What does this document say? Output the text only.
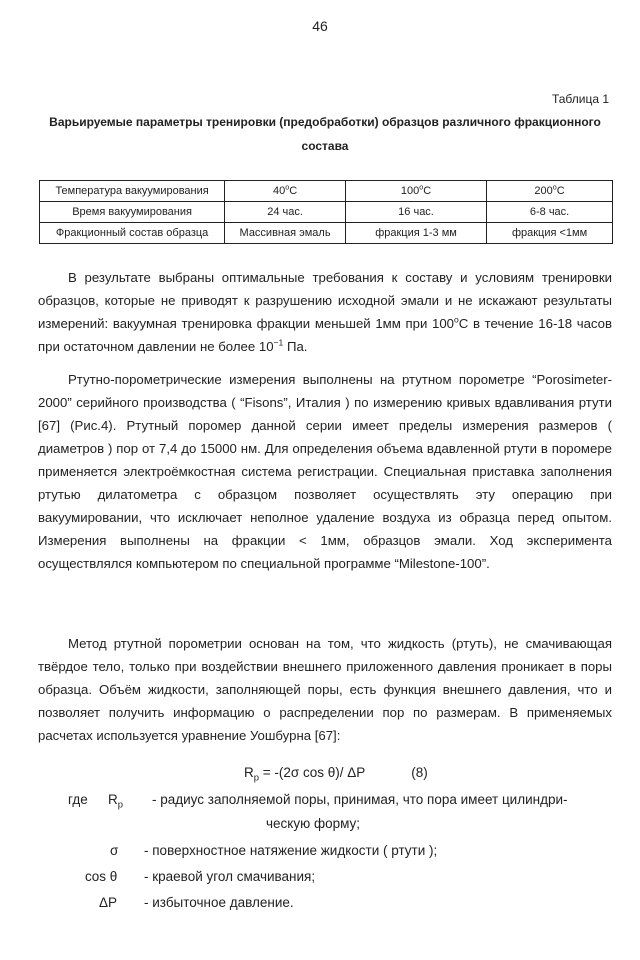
46
Таблица 1
Варьируемые параметры тренировки (предобработки) образцов различного фракционного состава
Температура вакуумирования	40$^o$C	100$^o$C	200$^o$C
Время вакуумирования	24 час.	16 час.	6-8 час.
Фракционный состав образца	Массивная эмаль	фракция 1-3 мм	фракция <1мм
В результате выбраны оптимальные требования к составу и условиям тренировки образцов, которые не приводят к разрушению исходной эмали и не искажают результаты измерений: вакуумная тренировка фракции меньшей 1мм при 100$^o$C в течение 16-18 часов при остаточном давлении не более $10^{-1}$ Па.
Ртутно-порометрические измерения выполнены на ртутном порометре “Porosimeter-2000” серийного производства ( “Fisons”, Италия ) по измерению кривых вдавливания ртути [67] (Рис.4). Ртутный поромер данной серии имеет пределы измерения размеров ( диаметров ) пор от 7,4 до 15000 нм. Для определения объема вдавленной ртути в поромере применяется электроёмкостная система регистрации. Специальная приставка заполнения ртутью дилатометра с образцом позволяет осуществлять эту операцию при вакуумировании, что исключает неполное удаление воздуха из образца перед опытом. Измерения выполнены на фракции < 1мм, образцов эмали. Ход эксперимента осуществлялся компьютером по специальной программе “Milestone-100”.
Метод ртутной порометрии основан на том, что жидкость (ртуть), не смачивающая твёрдое тело, только при воздействии внешнего приложенного давления проникает в поры образца. Объём жидкости, заполняющей поры, есть функция внешнего давления, что и позволяет получить информацию о распределении пор по размерам. В применяемых расчетах используется уравнение Уошбурна [67]:
$R_p = -(2\sigma$ cos θ)/ ΔP	(8)
где $R_p$ - радиус заполняемой поры, принимая, что пора имеет цилиндри-
ческую форму;
σ - поверхностное натяжение жидкости ( ртути );
cos θ - краевой угол смачивания;
ΔP - избыточное давление.
